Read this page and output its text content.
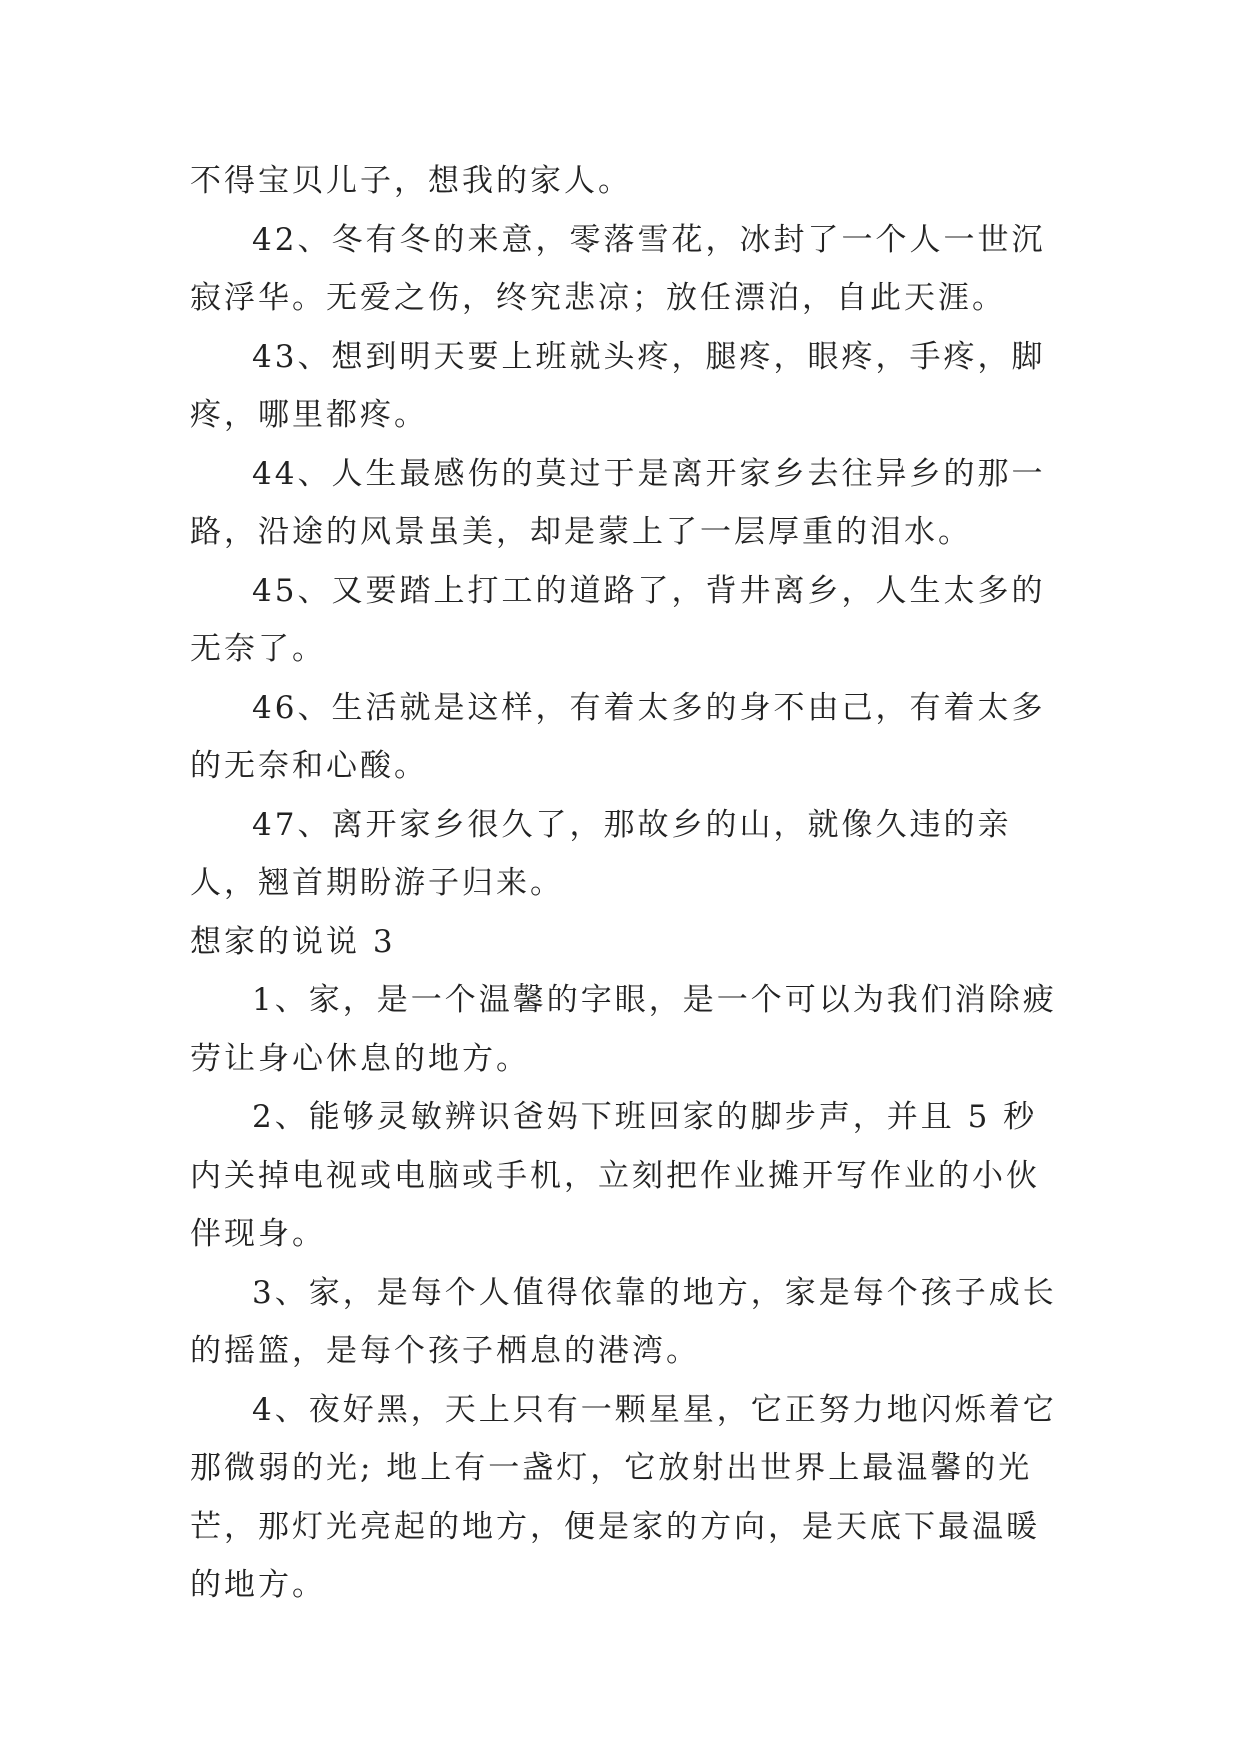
不得宝贝儿子，想我的家人。

42、冬有冬的来意，零落雪花，冰封了一个人一世沉寂浮华。无爱之伤，终究悲凉；放任漂泊，自此天涯。

43、想到明天要上班就头疼，腿疼，眼疼，手疼，脚疼，哪里都疼。

44、人生最感伤的莫过于是离开家乡去往异乡的那一路，沿途的风景虽美，却是蒙上了一层厚重的泪水。

45、又要踏上打工的道路了，背井离乡，人生太多的无奈了。

46、生活就是这样，有着太多的身不由己，有着太多的无奈和心酸。

47、离开家乡很久了，那故乡的山，就像久违的亲人，翘首期盼游子归来。

想家的说说 3

1、家，是一个温馨的字眼，是一个可以为我们消除疲劳让身心休息的地方。

2、能够灵敏辨识爸妈下班回家的脚步声，并且 5 秒内关掉电视或电脑或手机，立刻把作业摊开写作业的小伙伴现身。

3、家，是每个人值得依靠的地方，家是每个孩子成长的摇篮，是每个孩子栖息的港湾。

4、夜好黑，天上只有一颗星星，它正努力地闪烁着它那微弱的光; 地上有一盏灯，它放射出世界上最温馨的光芒，那灯光亮起的地方，便是家的方向，是天底下最温暖的地方。
